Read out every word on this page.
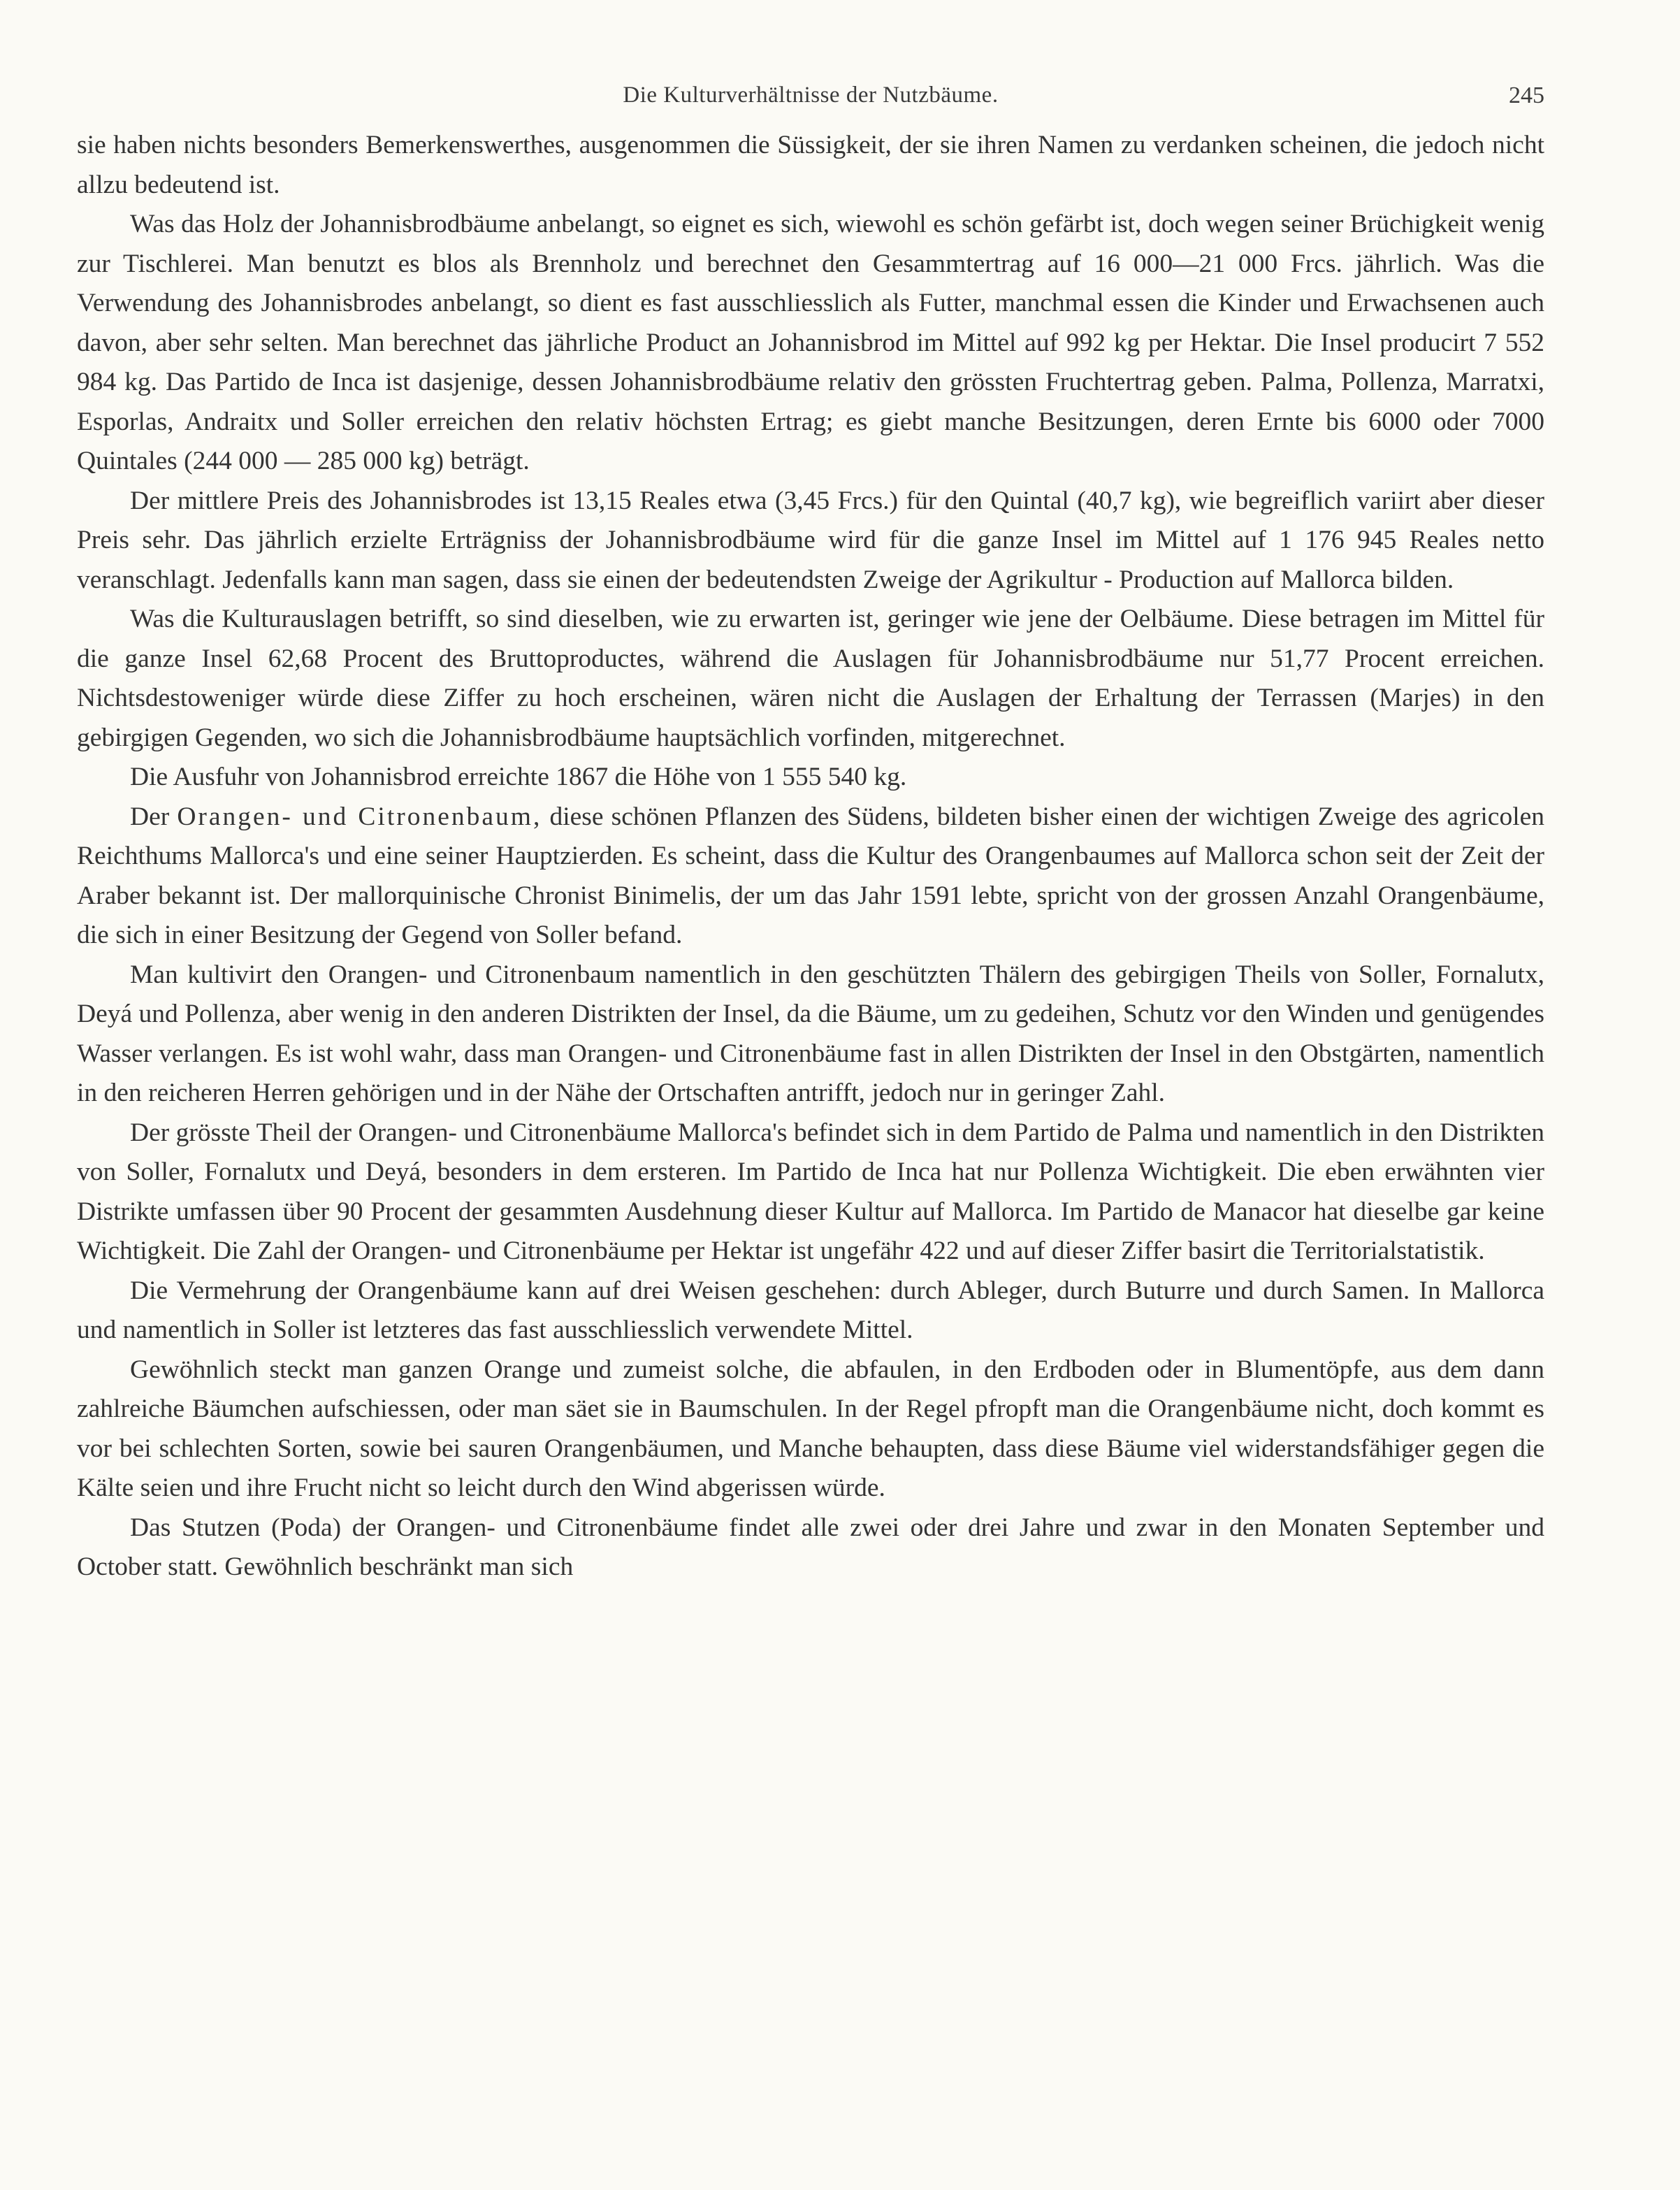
Die Kulturverhältnisse der Nutzbäume.	245

sie haben nichts besonders Bemerkenswerthes, ausgenommen die Süssigkeit, der sie ihren Namen zu verdanken scheinen, die jedoch nicht allzu bedeutend ist.

Was das Holz der Johannisbrodbäume anbelangt, so eignet es sich, wiewohl es schön gefärbt ist, doch wegen seiner Brüchigkeit wenig zur Tischlerei. Man benutzt es blos als Brennholz und berechnet den Gesammtertrag auf 16 000—21 000 Frcs. jährlich. Was die Verwendung des Johannisbrodes anbelangt, so dient es fast ausschliesslich als Futter, manchmal essen die Kinder und Erwachsenen auch davon, aber sehr selten. Man berechnet das jährliche Product an Johannisbrod im Mittel auf 992 kg per Hektar. Die Insel producirt 7 552 984 kg. Das Partido de Inca ist dasjenige, dessen Johannisbrodbäume relativ den grössten Fruchtertrag geben. Palma, Pollenza, Marratxi, Esporlas, Andraitx und Soller erreichen den relativ höchsten Ertrag; es giebt manche Besitzungen, deren Ernte bis 6000 oder 7000 Quintales (244 000 — 285 000 kg) beträgt.

Der mittlere Preis des Johannisbrodes ist 13,15 Reales etwa (3,45 Frcs.) für den Quintal (40,7 kg), wie begreiflich variirt aber dieser Preis sehr. Das jährlich erzielte Erträgniss der Johannisbrodbäume wird für die ganze Insel im Mittel auf 1 176 945 Reales netto veranschlagt. Jedenfalls kann man sagen, dass sie einen der bedeutendsten Zweige der Agrikultur - Production auf Mallorca bilden.

Was die Kulturauslagen betrifft, so sind dieselben, wie zu erwarten ist, geringer wie jene der Oelbäume. Diese betragen im Mittel für die ganze Insel 62,68 Procent des Bruttoproductes, während die Auslagen für Johannisbrodbäume nur 51,77 Procent erreichen. Nichtsdestoweniger würde diese Ziffer zu hoch erscheinen, wären nicht die Auslagen der Erhaltung der Terrassen (Marjes) in den gebirgigen Gegenden, wo sich die Johannisbrodbäume hauptsächlich vorfinden, mitgerechnet.

Die Ausfuhr von Johannisbrod erreichte 1867 die Höhe von 1 555 540 kg.

Der Orangen- und Citronenbaum, diese schönen Pflanzen des Südens, bildeten bisher einen der wichtigen Zweige des agricolen Reichthums Mallorca's und eine seiner Hauptzierden. Es scheint, dass die Kultur des Orangenbaumes auf Mallorca schon seit der Zeit der Araber bekannt ist. Der mallorquinische Chronist Binimelis, der um das Jahr 1591 lebte, spricht von der grossen Anzahl Orangenbäume, die sich in einer Besitzung der Gegend von Soller befand.

Man kultivirt den Orangen- und Citronenbaum namentlich in den geschützten Thälern des gebirgigen Theils von Soller, Fornalutx, Deyá und Pollenza, aber wenig in den anderen Distrikten der Insel, da die Bäume, um zu gedeihen, Schutz vor den Winden und genügendes Wasser verlangen. Es ist wohl wahr, dass man Orangen- und Citronenbäume fast in allen Distrikten der Insel in den Obstgärten, namentlich in den reicheren Herren gehörigen und in der Nähe der Ortschaften antrifft, jedoch nur in geringer Zahl.

Der grösste Theil der Orangen- und Citronenbäume Mallorca's befindet sich in dem Partido de Palma und namentlich in den Distrikten von Soller, Fornalutx und Deyá, besonders in dem ersteren. Im Partido de Inca hat nur Pollenza Wichtigkeit. Die eben erwähnten vier Distrikte umfassen über 90 Procent der gesammten Ausdehnung dieser Kultur auf Mallorca. Im Partido de Manacor hat dieselbe gar keine Wichtigkeit. Die Zahl der Orangen- und Citronenbäume per Hektar ist ungefähr 422 und auf dieser Ziffer basirt die Territorialstatistik.

Die Vermehrung der Orangenbäume kann auf drei Weisen geschehen: durch Ableger, durch Buturre und durch Samen. In Mallorca und namentlich in Soller ist letzteres das fast ausschliesslich verwendete Mittel.

Gewöhnlich steckt man ganzen Orange und zumeist solche, die abfaulen, in den Erdboden oder in Blumentöpfe, aus dem dann zahlreiche Bäumchen aufschiessen, oder man säet sie in Baumschulen. In der Regel pfropft man die Orangenbäume nicht, doch kommt es vor bei schlechten Sorten, sowie bei sauren Orangenbäumen, und Manche behaupten, dass diese Bäume viel widerstandsfähiger gegen die Kälte seien und ihre Frucht nicht so leicht durch den Wind abgerissen würde.

Das Stutzen (Poda) der Orangen- und Citronenbäume findet alle zwei oder drei Jahre und zwar in den Monaten September und October statt. Gewöhnlich beschränkt man sich
